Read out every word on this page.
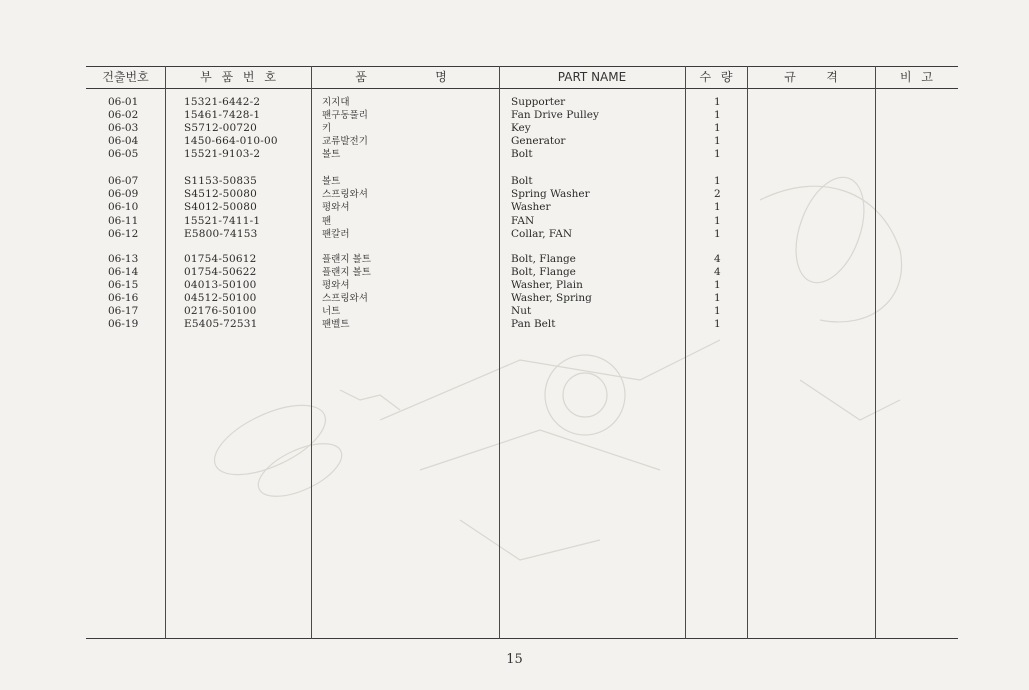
건출번호	부 품 번 호	품	명	PART NAME	수 량	규	격	비 고
06-01	15321-6442-2	지지대	Supporter	1
06-02	15461-7428-1	팬구동풀리	Fan Drive Pulley	1
06-03	S5712-00720	키	Key	1
06-04	1450-664-010-00	교류발전기	Generator	1
06-05	15521-9103-2	볼트	Bolt	1
06-07	S1153-50835	볼트	Bolt	1
06-09	S4512-50080	스프링와셔	Spring Washer	2
06-10	S4012-50080	평와셔	Washer	1
06-11	15521-7411-1	팬	FAN	1
06-12	E5800-74153	팬칼러	Collar, FAN	1
06-13	01754-50612	플랜지 볼트	Bolt, Flange	4
06-14	01754-50622	플랜지 볼트	Bolt, Flange	4
06-15	04013-50100	평와셔	Washer, Plain	1
06-16	04512-50100	스프링와셔	Washer, Spring	1
06-17	02176-50100	너트	Nut	1
06-19	E5405-72531	팬벨트	Pan Belt	1
15
